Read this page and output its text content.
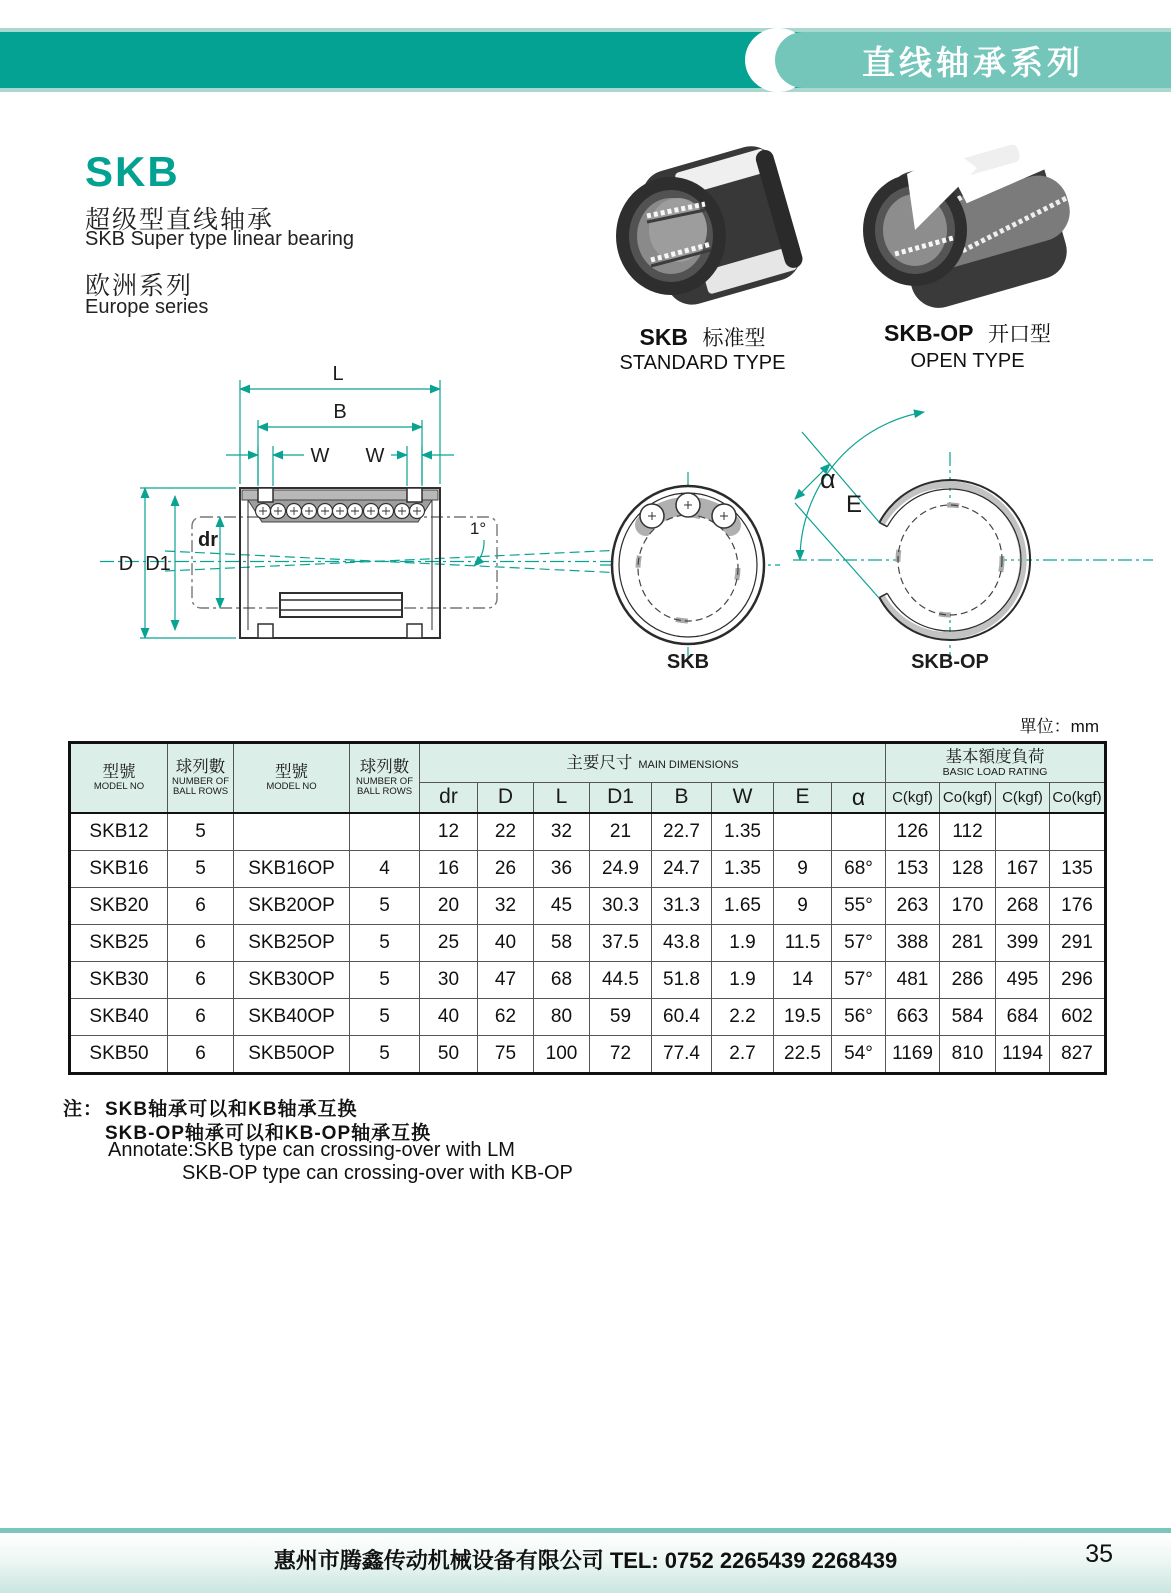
直线轴承系列
SKB
超级型直线轴承
SKB Super type linear bearing
欧洲系列
Europe series
SKB 标准型
STANDARD TYPE
SKB-OP 开口型
OPEN TYPE
L
B
W W
D D1
dr
1°
SKB
α
E
SKB-OP
單位：mm
型號
MODEL NO

球列數
NUMBER OF BALL ROWS

型號
MODEL NO

球列數
NUMBER OF BALL ROWS
	主要尺寸 MAIN DIMENSIONS	基本額度負荷
BASIC LOAD RATING

				dr	D	L	D1	B	W	E	α	C(kgf)	Co(kgf)	C(kgf)	Co(kgf)
SKB12	5			12	22	32	21	22.7	1.35			126	112		
SKB16	5	SKB16OP	4	16	26	36	24.9	24.7	1.35	9	68°	153	128	167	135
SKB20	6	SKB20OP	5	20	32	45	30.3	31.3	1.65	9	55°	263	170	268	176
SKB25	6	SKB25OP	5	25	40	58	37.5	43.8	1.9	11.5	57°	388	281	399	291
SKB30	6	SKB30OP	5	30	47	68	44.5	51.8	1.9	14	57°	481	286	495	296
SKB40	6	SKB40OP	5	40	62	80	59	60.4	2.2	19.5	56°	663	584	684	602
SKB50	6	SKB50OP	5	50	75	100	72	77.4	2.7	22.5	54°	1169	810	1194	827
注： SKB轴承可以和KB轴承互换
SKB-OP轴承可以和KB-OP轴承互换
Annotate:SKB type can crossing-over with LM
SKB-OP type can crossing-over with KB-OP
惠州市腾鑫传动机械设备有限公司 TEL: 0752 2265439 2268439	35
